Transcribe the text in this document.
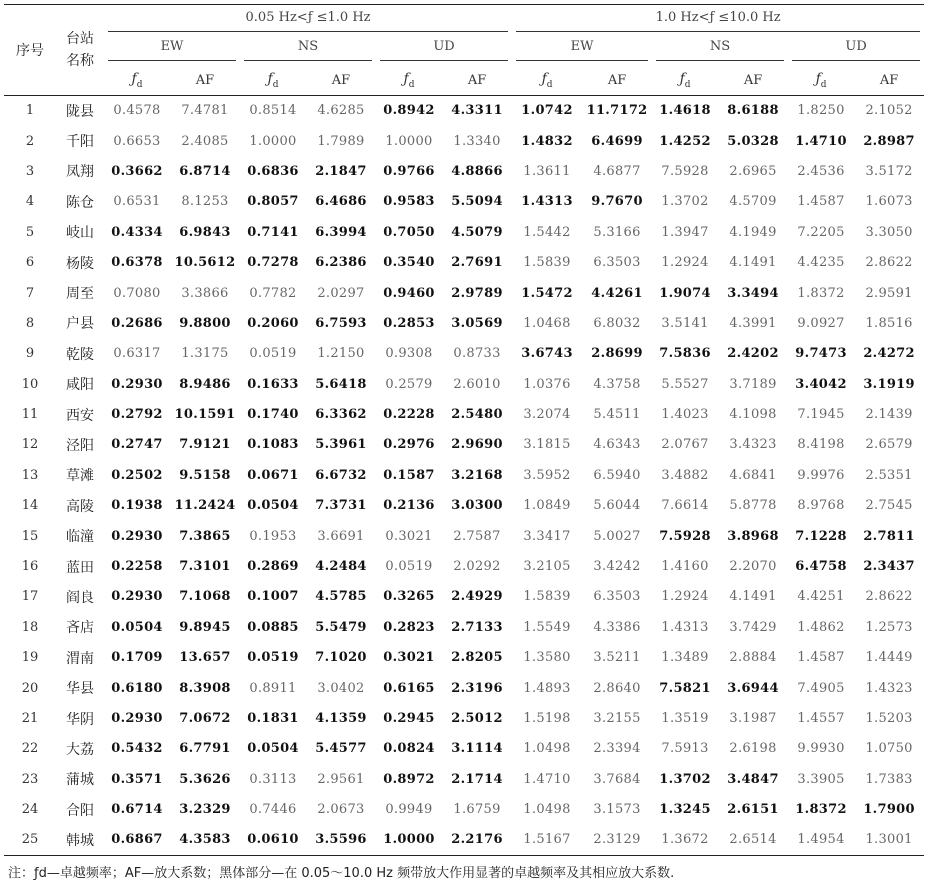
序号	台站
名称	0.05 Hz<ƒ ≤1.0 Hz						1.0 Hz<ƒ ≤10.0 Hz					

		EW		NS		UD		EW		NS		UD	

		$ƒ_d$	AF	$ƒ_d$	AF	$ƒ_d$	AF	$ƒ_d$	AF	$ƒ_d$	AF	$ƒ_d$	AF
1	陇县	0.4578	7.4781	0.8514	4.6285	0.8942	4.3311	1.0742	11.7172	1.4618	8.6188	1.8250	2.1052
2	千阳	0.6653	2.4085	1.0000	1.7989	1.0000	1.3340	1.4832	6.4699	1.4252	5.0328	1.4710	2.8987
3	凤翔	0.3662	6.8714	0.6836	2.1847	0.9766	4.8866	1.3611	4.6877	7.5928	2.6965	2.4536	3.5172
4	陈仓	0.6531	8.1253	0.8057	6.4686	0.9583	5.5094	1.4313	9.7670	1.3702	4.5709	1.4587	1.6073
5	岐山	0.4334	6.9843	0.7141	6.3994	0.7050	4.5079	1.5442	5.3166	1.3947	4.1949	7.2205	3.3050
6	杨陵	0.6378	10.5612	0.7278	6.2386	0.3540	2.7691	1.5839	6.3503	1.2924	4.1491	4.4235	2.8622
7	周至	0.7080	3.3866	0.7782	2.0297	0.9460	2.9789	1.5472	4.4261	1.9074	3.3494	1.8372	2.9591
8	户县	0.2686	9.8800	0.2060	6.7593	0.2853	3.0569	1.0468	6.8032	3.5141	4.3991	9.0927	1.8516
9	乾陵	0.6317	1.3175	0.0519	1.2150	0.9308	0.8733	3.6743	2.8699	7.5836	2.4202	9.7473	2.4272
10	咸阳	0.2930	8.9486	0.1633	5.6418	0.2579	2.6010	1.0376	4.3758	5.5527	3.7189	3.4042	3.1919
11	西安	0.2792	10.1591	0.1740	6.3362	0.2228	2.5480	3.2074	5.4511	1.4023	4.1098	7.1945	2.1439
12	泾阳	0.2747	7.9121	0.1083	5.3961	0.2976	2.9690	3.1815	4.6343	2.0767	3.4323	8.4198	2.6579
13	草滩	0.2502	9.5158	0.0671	6.6732	0.1587	3.2168	3.5952	6.5940	3.4882	4.6841	9.9976	2.5351
14	高陵	0.1938	11.2424	0.0504	7.3731	0.2136	3.0300	1.0849	5.6044	7.6614	5.8778	8.9768	2.7545
15	临潼	0.2930	7.3865	0.1953	3.6691	0.3021	2.7587	3.3417	5.0027	7.5928	3.8968	7.1228	2.7811
16	蓝田	0.2258	7.3101	0.2869	4.2484	0.0519	2.0292	3.2105	3.4242	1.4160	2.2070	6.4758	2.3437
17	阎良	0.2930	7.1068	0.1007	4.5785	0.3265	2.4929	1.5839	6.3503	1.2924	4.1491	4.4251	2.8622
18	吝店	0.0504	9.8945	0.0885	5.5479	0.2823	2.7133	1.5549	4.3386	1.4313	3.7429	1.4862	1.2573
19	渭南	0.1709	13.657	0.0519	7.1020	0.3021	2.8205	1.3580	3.5211	1.3489	2.8884	1.4587	1.4449
20	华县	0.6180	8.3908	0.8911	3.0402	0.6165	2.3196	1.4893	2.8640	7.5821	3.6944	7.4905	1.4323
21	华阴	0.2930	7.0672	0.1831	4.1359	0.2945	2.5012	1.5198	3.2155	1.3519	3.1987	1.4557	1.5203
22	大荔	0.5432	6.7791	0.0504	5.4577	0.0824	3.1114	1.0498	2.3394	7.5913	2.6198	9.9930	1.0750
23	蒲城	0.3571	5.3626	0.3113	2.9561	0.8972	2.1714	1.4710	3.7684	1.3702	3.4847	3.3905	1.7383
24	合阳	0.6714	3.2329	0.7446	2.0673	0.9949	1.6759	1.0498	3.1573	1.3245	2.6151	1.8372	1.7900
25	韩城	0.6867	4.3583	0.0610	3.5596	1.0000	2.2176	1.5167	2.3129	1.3672	2.6514	1.4954	1.3001
注：ƒd—卓越频率；AF—放大系数；黑体部分—在 0.05～10.0 Hz 频带放大作用显著的卓越频率及其相应放大系数.
